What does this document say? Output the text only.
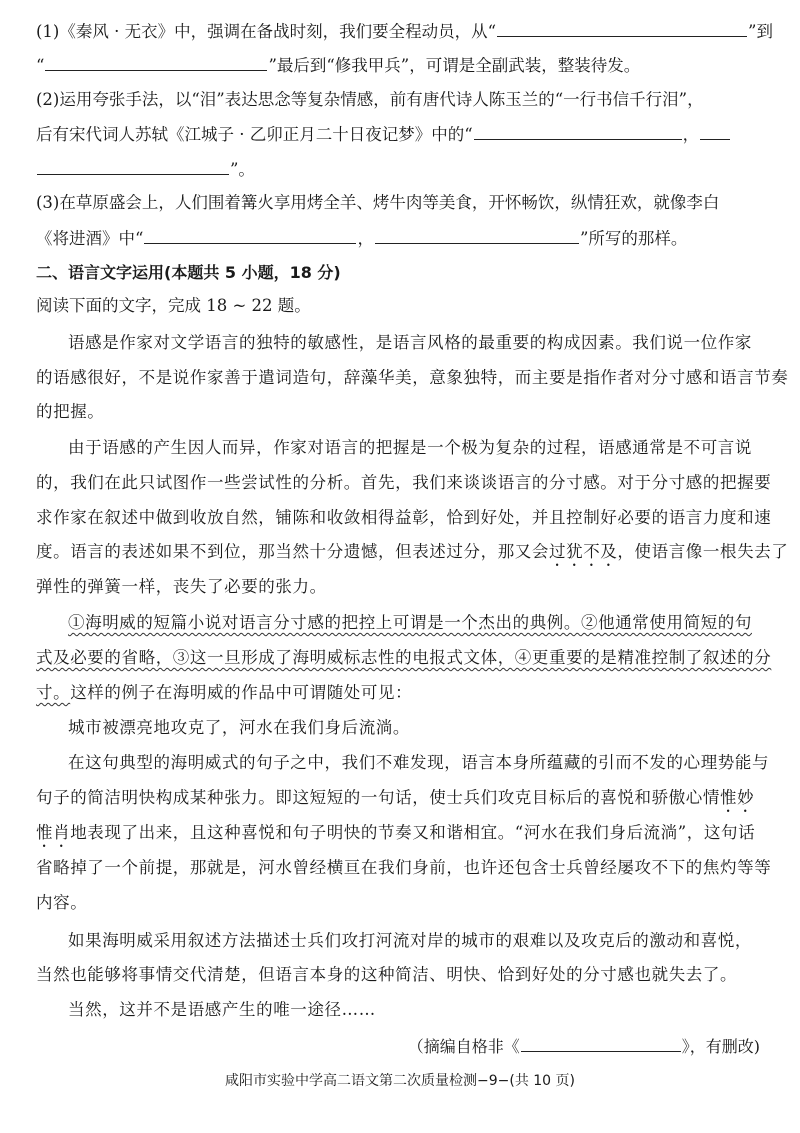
(1)《秦风 · 无衣》中，强调在备战时刻，我们要全程动员，从“	”到
“	”最后到“修我甲兵”，可谓是全副武装，整装待发。
(2)运用夸张手法，以“泪”表达思念等复杂情感，前有唐代诗人陈玉兰的“一行书信千行泪”，
后有宋代词人苏轼《江城子 · 乙卯正月二十日夜记梦》中的“	，
”。
(3)在草原盛会上，人们围着篝火享用烤全羊、烤牛肉等美食，开怀畅饮，纵情狂欢，就像李白
《将进酒》中“	，	”所写的那样。
二、语言文字运用(本题共 5 小题，18 分)
阅读下面的文字，完成 18 ~ 22 题。
语感是作家对文学语言的独特的敏感性，是语言风格的最重要的构成因素。我们说一位作家
的语感很好，不是说作家善于遣词造句，辞藻华美，意象独特，而主要是指作者对分寸感和语言节奏
的把握。
由于语感的产生因人而异，作家对语言的把握是一个极为复杂的过程，语感通常是不可言说
的，我们在此只试图作一些尝试性的分析。首先，我们来谈谈语言的分寸感。对于分寸感的把握要
求作家在叙述中做到收放自然，铺陈和收敛相得益彰，恰到好处，并且控制好必要的语言力度和速
度。语言的表述如果不到位，那当然十分遗憾，但表述过分，那又会过犹不及，使语言像一根失去了
弹性的弹簧一样，丧失了必要的张力。
①海明威的短篇小说对语言分寸感的把控上可谓是一个杰出的典例。②他通常使用简短的句
式及必要的省略，③这一旦形成了海明威标志性的电报式文体，④更重要的是精准控制了叙述的分
寸。这样的例子在海明威的作品中可谓随处可见：
城市被漂亮地攻克了，河水在我们身后流淌。
在这句典型的海明威式的句子之中，我们不难发现，语言本身所蕴藏的引而不发的心理势能与
句子的简洁明快构成某种张力。即这短短的一句话，使士兵们攻克目标后的喜悦和骄傲心情惟妙
惟肖地表现了出来，且这种喜悦和句子明快的节奏又和谐相宜。“河水在我们身后流淌”，这句话
省略掉了一个前提，那就是，河水曾经横亘在我们身前，也许还包含士兵曾经屡攻不下的焦灼等等
内容。
如果海明威采用叙述方法描述士兵们攻打河流对岸的城市的艰难以及攻克后的激动和喜悦，
当然也能够将事情交代清楚，但语言本身的这种简洁、明快、恰到好处的分寸感也就失去了。
当然，这并不是语感产生的唯一途径……
（摘编自格非《	》，有删改)
咸阳市实验中学高二语文第二次质量检测−9−(共 10 页)
